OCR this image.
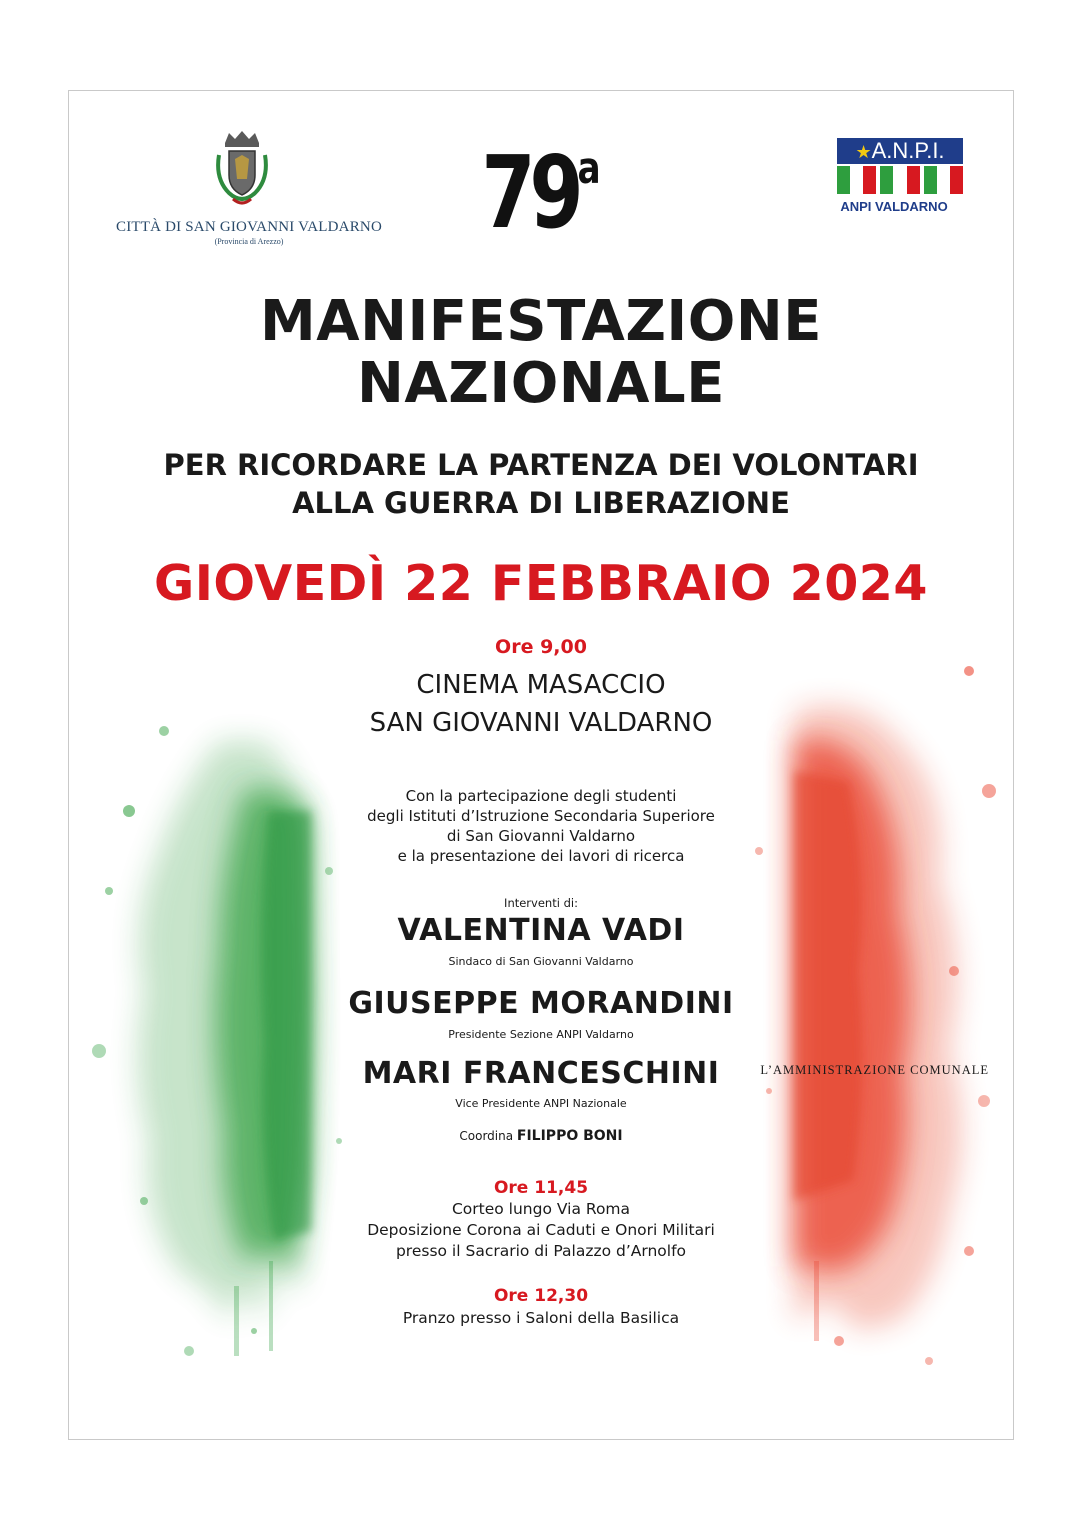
CITTÀ DI SAN GIOVANNI VALDARNO
(Provincia di Arezzo)
★A.N.P.I.
ANPI VALDARNO
79$^a$
MANIFESTAZIONE
NAZIONALE
PER RICORDARE LA PARTENZA DEI VOLONTARI
ALLA GUERRA DI LIBERAZIONE
GIOVEDÌ 22 FEBBRAIO 2024
Ore 9,00
CINEMA MASACCIO
SAN GIOVANNI VALDARNO
Con la partecipazione degli studenti
degli Istituti d’Istruzione Secondaria Superiore
di San Giovanni Valdarno
e la presentazione dei lavori di ricerca
Interventi di:
VALENTINA VADI
Sindaco di San Giovanni Valdarno
GIUSEPPE MORANDINI
Presidente Sezione ANPI Valdarno
MARI FRANCESCHINI
Vice Presidente ANPI Nazionale
Coordina FILIPPO BONI
Ore 11,45
Corteo lungo Via Roma
Deposizione Corona ai Caduti e Onori Militari
presso il Sacrario di Palazzo d’Arnolfo
Ore 12,30
Pranzo presso i Saloni della Basilica
L’AMMINISTRAZIONE COMUNALE
